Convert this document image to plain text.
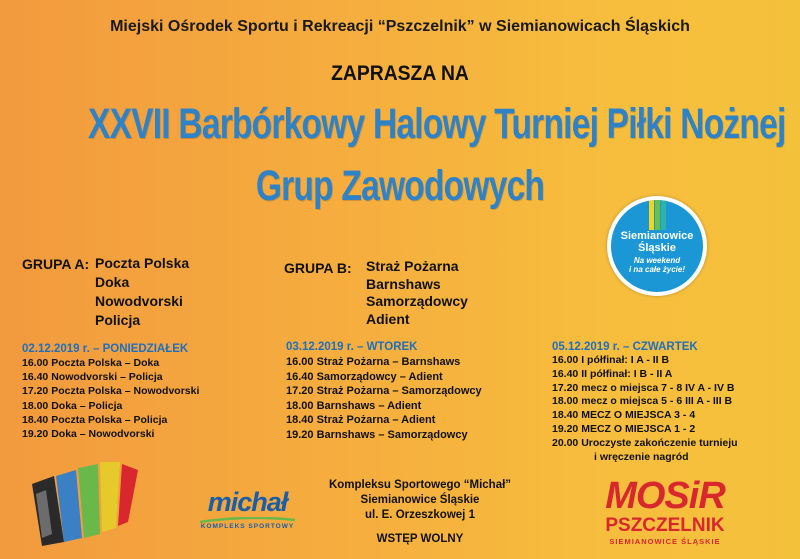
Miejski Ośrodek Sportu i Rekreacji “Pszczelnik” w Siemianowicach Śląskich
ZAPRASZA NA
XXVII Barbórkowy Halowy Turniej Piłki Nożnej
Grup Zawodowych
Siemianowice
Śląskie
Na weekend
i na całe życie!
GRUPA A: Poczta Polska
Doka
Nowodvorski
Policja
GRUPA B: Straż Pożarna
Barnshaws
Samorządowcy
Adient
02.12.2019 r. – PONIEDZIAŁEK
16.00 Poczta Polska – Doka
16.40 Nowodvorski – Policja
17.20 Poczta Polska – Nowodvorski
18.00 Doka – Policja
18.40 Poczta Polska – Policja
19.20 Doka – Nowodvorski
03.12.2019 r. – WTOREK
16.00 Straż Pożarna – Barnshaws
16.40 Samorządowcy – Adient
17.20 Straż Pożarna – Samorządowcy
18.00 Barnshaws – Adient
18.40 Straż Pożarna – Adient
19.20 Barnshaws – Samorządowcy
05.12.2019 r. – CZWARTEK
16.00 I półfinał: I A - II B
16.40 II półfinał: I B - II A
17.20 mecz o miejsca 7 - 8 IV A - IV B
18.00 mecz o miejsca 5 - 6 III A - III B
18.40 MECZ O MIEJSCA 3 - 4
19.20 MECZ O MIEJSCA 1 - 2
20.00 Uroczyste zakończenie turnieju
i wręczenie nagród
michał
KOMPLEKS SPORTOWY
Kompleksu Sportowego “Michał”
Siemianowice Śląskie
ul. E. Orzeszkowej 1
WSTĘP WOLNY
MOSiR
PSZCZELNIK
SIEMIANOWICE ŚLĄSKIE
